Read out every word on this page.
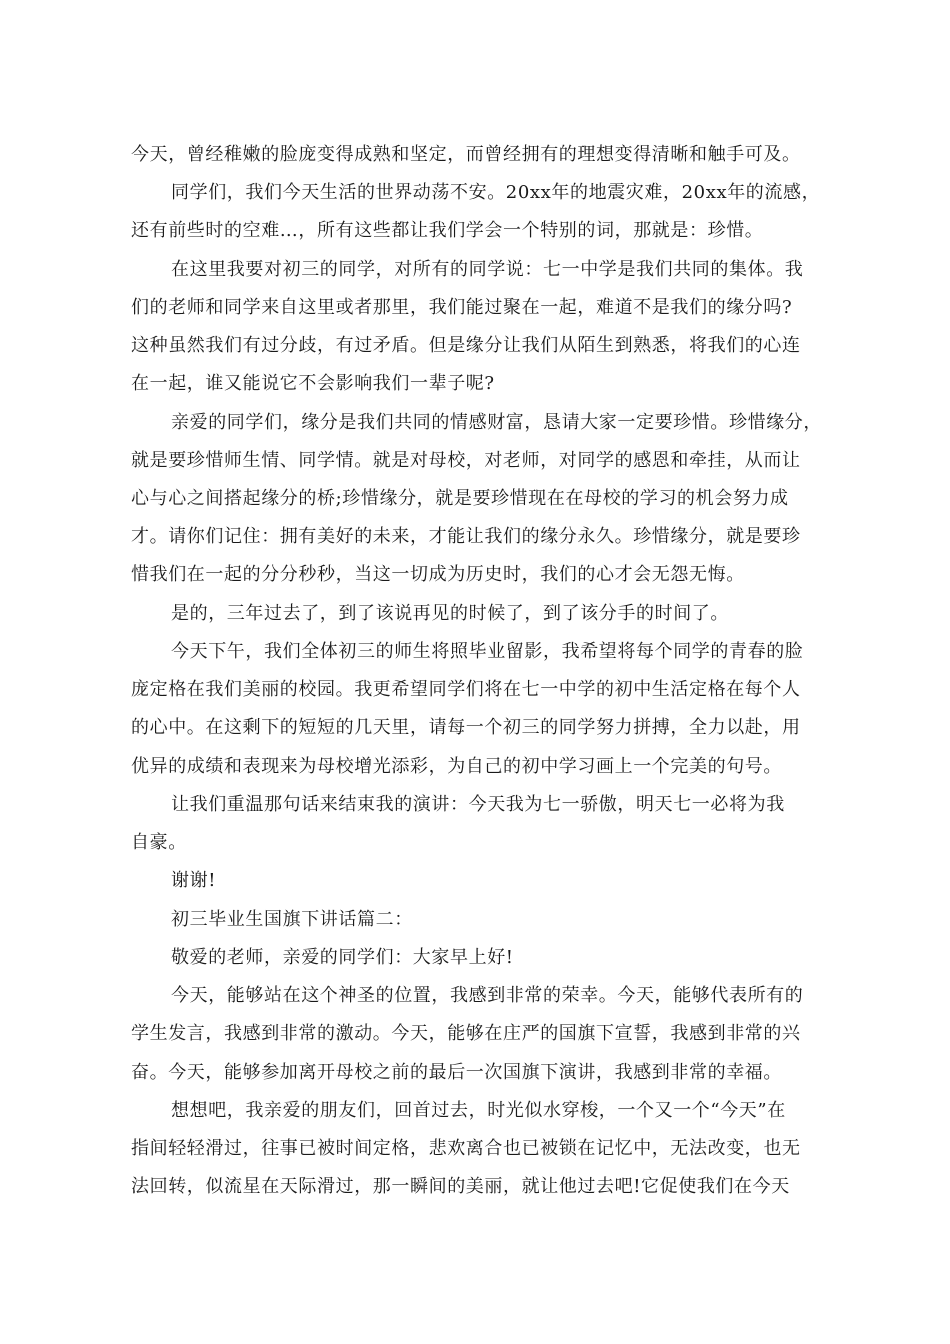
今天，曾经稚嫩的脸庞变得成熟和坚定，而曾经拥有的理想变得清晰和触手可及。
同学们，我们今天生活的世界动荡不安。20xx年的地震灾难，20xx年的流感，
还有前些时的空难…，所有这些都让我们学会一个特别的词，那就是：珍惜。
在这里我要对初三的同学，对所有的同学说：七一中学是我们共同的集体。我
们的老师和同学来自这里或者那里，我们能过聚在一起，难道不是我们的缘分吗?
这种虽然我们有过分歧，有过矛盾。但是缘分让我们从陌生到熟悉，将我们的心连
在一起，谁又能说它不会影响我们一辈子呢?
亲爱的同学们，缘分是我们共同的情感财富，恳请大家一定要珍惜。珍惜缘分，
就是要珍惜师生情、同学情。就是对母校，对老师，对同学的感恩和牵挂，从而让
心与心之间搭起缘分的桥;珍惜缘分，就是要珍惜现在在母校的学习的机会努力成
才。请你们记住：拥有美好的未来，才能让我们的缘分永久。珍惜缘分，就是要珍
惜我们在一起的分分秒秒，当这一切成为历史时，我们的心才会无怨无悔。
是的，三年过去了，到了该说再见的时候了，到了该分手的时间了。
今天下午，我们全体初三的师生将照毕业留影，我希望将每个同学的青春的脸
庞定格在我们美丽的校园。我更希望同学们将在七一中学的初中生活定格在每个人
的心中。在这剩下的短短的几天里，请每一个初三的同学努力拼搏，全力以赴，用
优异的成绩和表现来为母校增光添彩，为自己的初中学习画上一个完美的句号。
让我们重温那句话来结束我的演讲：今天我为七一骄傲，明天七一必将为我
自豪。
谢谢!
初三毕业生国旗下讲话篇二：
敬爱的老师，亲爱的同学们：大家早上好!
今天，能够站在这个神圣的位置，我感到非常的荣幸。今天，能够代表所有的
学生发言，我感到非常的激动。今天，能够在庄严的国旗下宣誓，我感到非常的兴
奋。今天，能够参加离开母校之前的最后一次国旗下演讲，我感到非常的幸福。
想想吧，我亲爱的朋友们，回首过去，时光似水穿梭，一个又一个“今天”在
指间轻轻滑过，往事已被时间定格，悲欢离合也已被锁在记忆中，无法改变，也无
法回转，似流星在天际滑过，那一瞬间的美丽，就让他过去吧!它促使我们在今天
